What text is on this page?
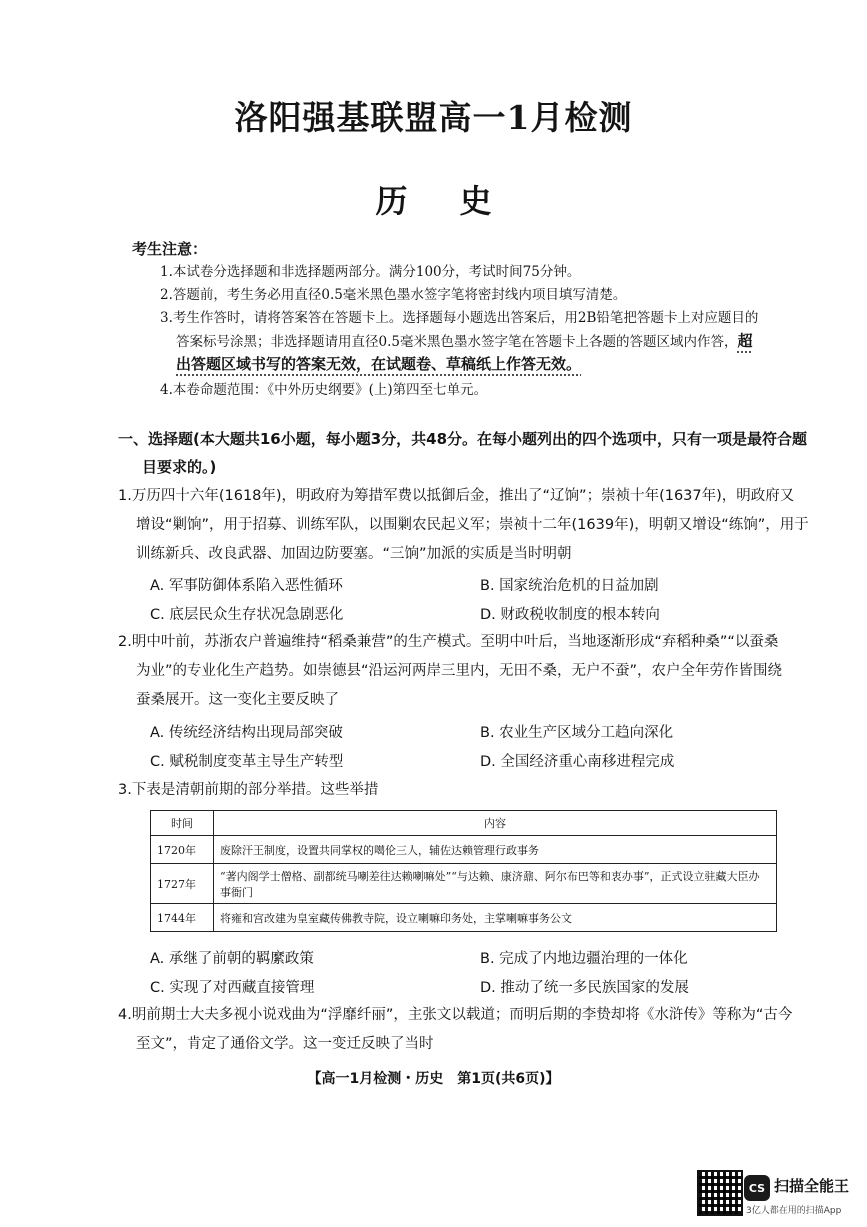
洛阳强基联盟高一1月检测
历 史
考生注意：
1.本试卷分选择题和非选择题两部分。满分100分，考试时间75分钟。
2.答题前，考生务必用直径0.5毫米黑色墨水签字笔将密封线内项目填写清楚。
3.考生作答时，请将答案答在答题卡上。选择题每小题选出答案后，用2B铅笔把答题卡上对应题目的
答案标号涂黑；非选择题请用直径0.5毫米黑色墨水签字笔在答题卡上各题的答题区域内作答，超
出答题区域书写的答案无效，在试题卷、草稿纸上作答无效。
4.本卷命题范围：《中外历史纲要》(上)第四至七单元。
一、选择题(本大题共16小题，每小题3分，共48分。在每小题列出的四个选项中，只有一项是最符合题
目要求的。)
1.万历四十六年(1618年)，明政府为筹措军费以抵御后金，推出了“辽饷”；崇祯十年(1637年)，明政府又
增设“剿饷”，用于招募、训练军队，以围剿农民起义军；崇祯十二年(1639年)，明朝又增设“练饷”，用于
训练新兵、改良武器、加固边防要塞。“三饷”加派的实质是当时明朝
A. 军事防御体系陷入恶性循环	B. 国家统治危机的日益加剧
C. 底层民众生存状况急剧恶化	D. 财政税收制度的根本转向
2.明中叶前，苏浙农户普遍维持“稻桑兼营”的生产模式。至明中叶后，当地逐渐形成“弃稻种桑”“以蚕桑
为业”的专业化生产趋势。如崇德县“沿运河两岸三里内，无田不桑，无户不蚕”，农户全年劳作皆围绕
蚕桑展开。这一变化主要反映了
A. 传统经济结构出现局部突破	B. 农业生产区域分工趋向深化
C. 赋税制度变革主导生产转型	D. 全国经济重心南移进程完成
3.下表是清朝前期的部分举措。这些举措
时间	内容
1720年	废除汗王制度，设置共同掌权的噶伦三人，辅佐达赖管理行政事务
1727年	“著内阁学士僧格、副都统马喇差往达赖喇嘛处”“与达赖、康济鼐、阿尔布巴等和衷办事”，正式设立驻藏大臣办事衙门
1744年	将雍和宫改建为皇室藏传佛教寺院，设立喇嘛印务处，主掌喇嘛事务公文
A. 承继了前朝的羁縻政策	B. 完成了内地边疆治理的一体化
C. 实现了对西藏直接管理	D. 推动了统一多民族国家的发展
4.明前期士大夫多视小说戏曲为“浮靡纤丽”，主张文以载道；而明后期的李贽却将《水浒传》等称为“古今
至文”，肯定了通俗文学。这一变迁反映了当时
【高一1月检测・历史　第1页(共6页)】
CS 扫描全能王
3亿人都在用的扫描App
